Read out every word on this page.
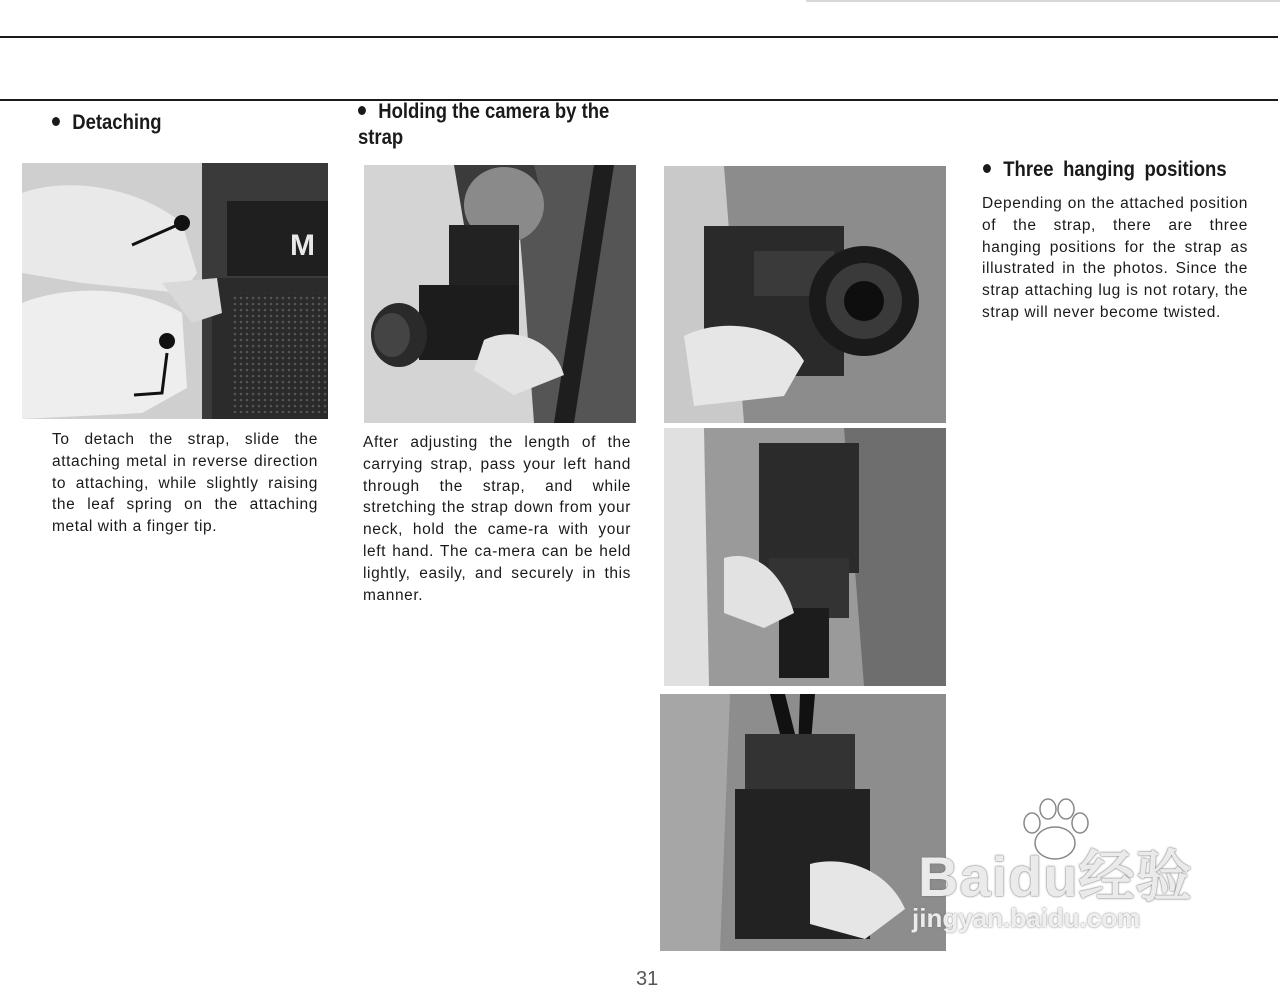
Detaching
M
To detach the strap, slide the attaching metal in reverse direction to attaching, while slightly raising the leaf spring on the attaching metal with a finger tip.
Holding the camera by the strap
After adjusting the length of the carrying strap, pass your left hand through the strap, and while stretching the strap down from your neck, hold the came-ra with your left hand. The ca-mera can be held lightly, easily, and securely in this manner.
Three hanging positions
Depending on the attached position of the strap, there are three hanging positions for the strap as illustrated in the photos. Since the strap attaching lug is not rotary, the strap will never become twisted.
31
Baidu经验
jingyan.baidu.com
